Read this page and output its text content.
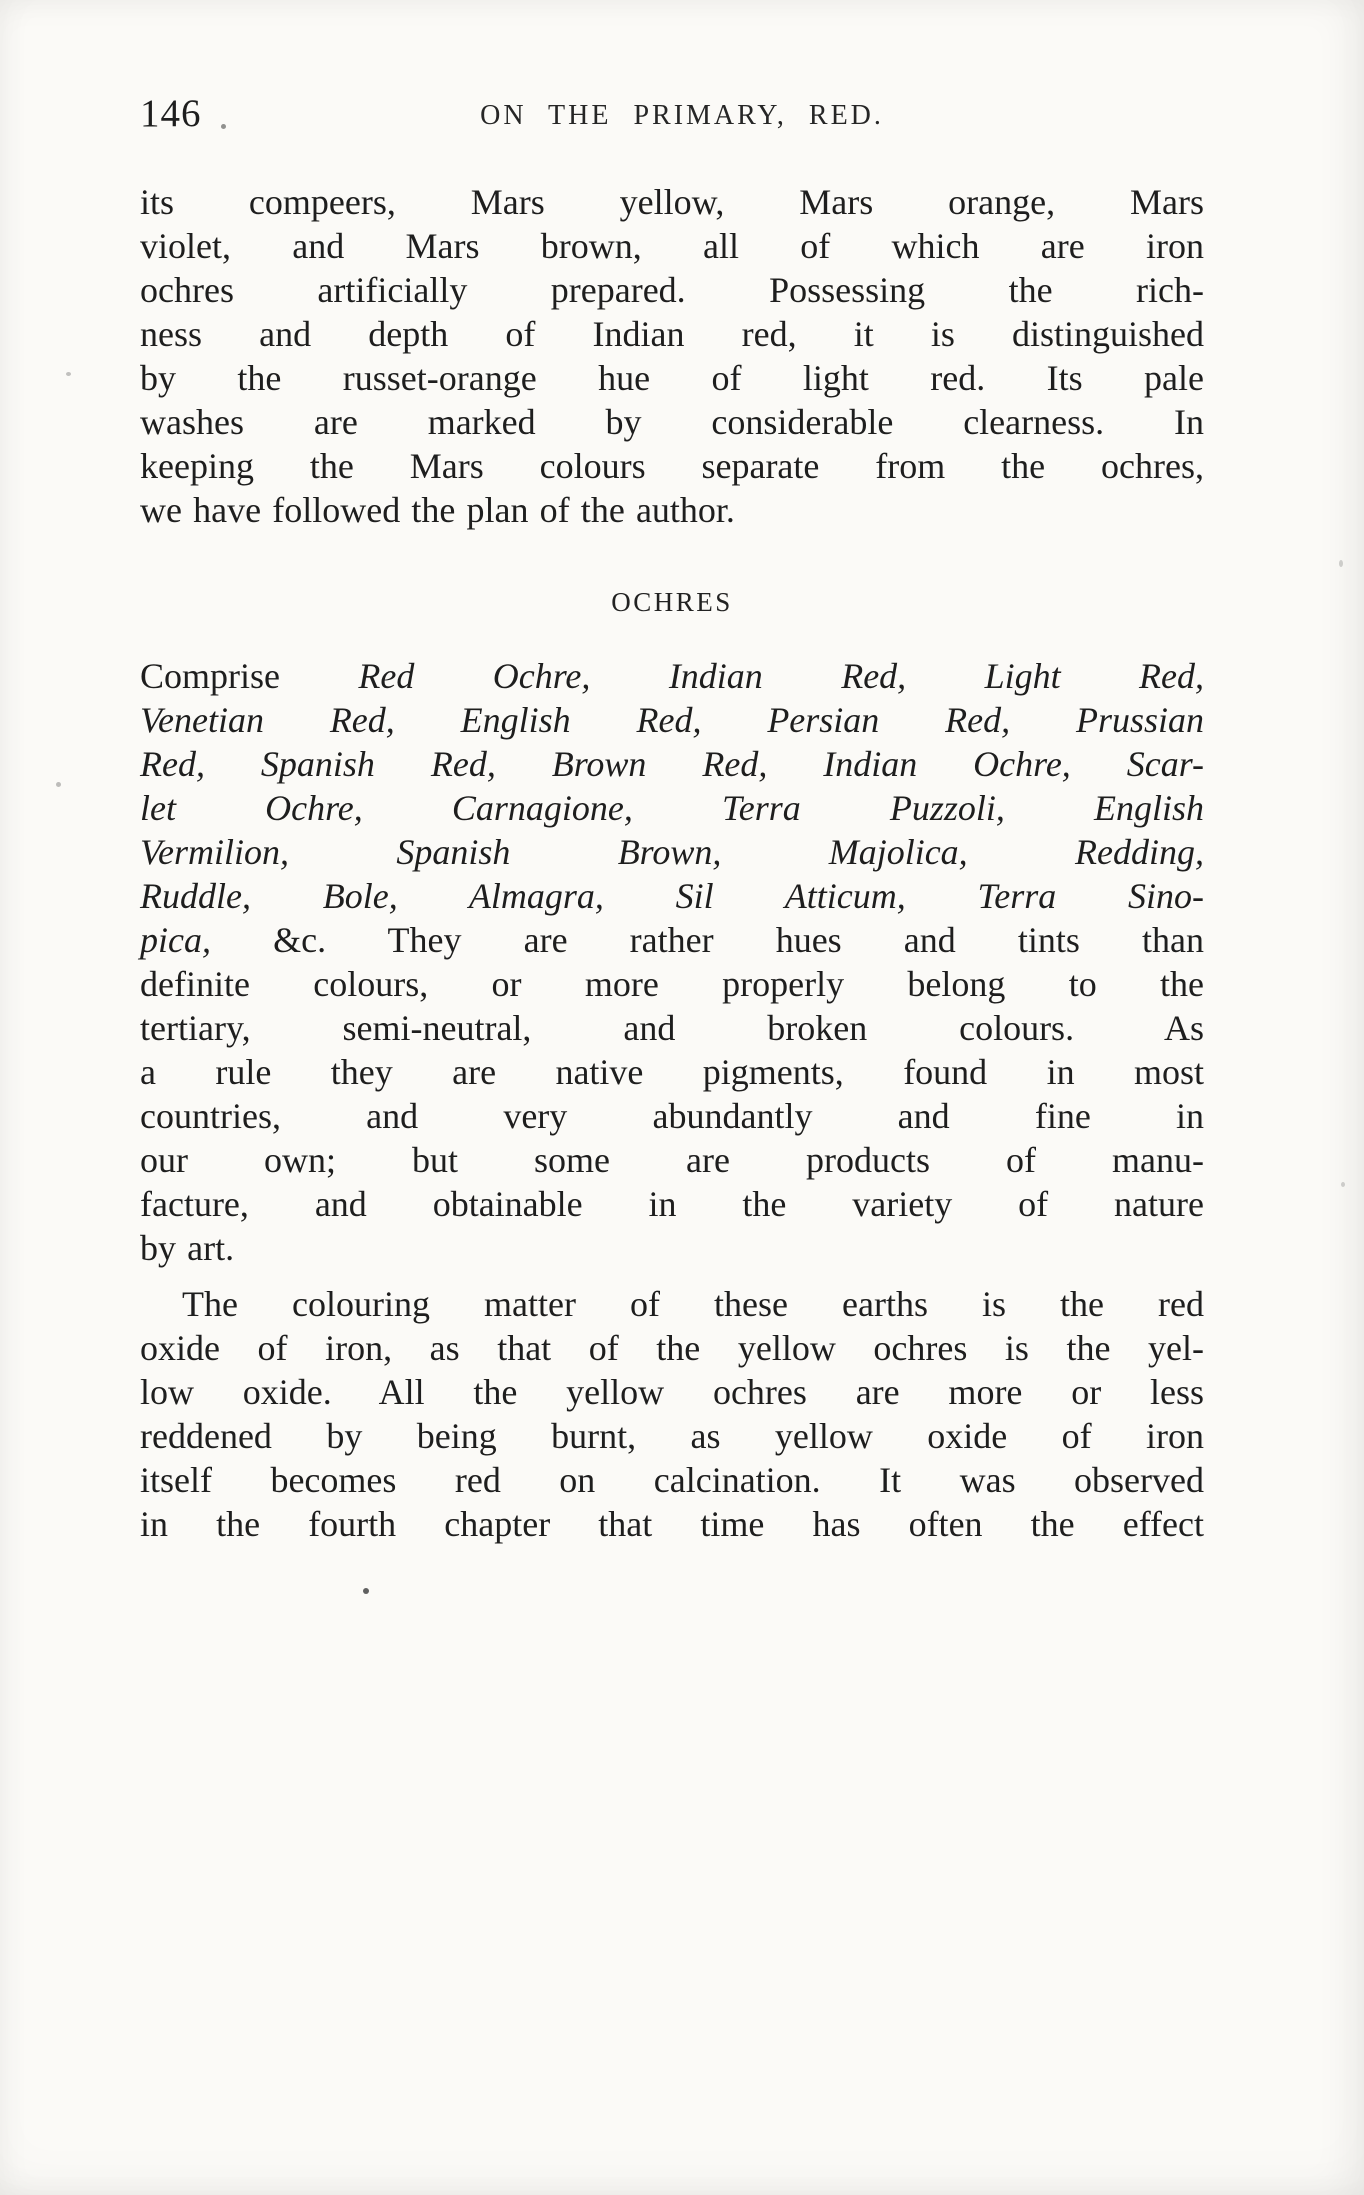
146	ON THE PRIMARY, RED.
its compeers, Mars yellow, Mars orange, Mars
violet, and Mars brown, all of which are iron
ochres artificially prepared. Possessing the rich-
ness and depth of Indian red, it is distinguished
by the russet-orange hue of light red. Its pale
washes are marked by considerable clearness. In
keeping the Mars colours separate from the ochres,
we have followed the plan of the author.
OCHRES
Comprise Red Ochre, Indian Red, Light Red,
Venetian Red, English Red, Persian Red, Prussian
Red, Spanish Red, Brown Red, Indian Ochre, Scar-
let Ochre, Carnagione, Terra Puzzoli, English
Vermilion, Spanish Brown, Majolica, Redding,
Ruddle, Bole, Almagra, Sil Atticum, Terra Sino-
pica, &c. They are rather hues and tints than
definite colours, or more properly belong to the
tertiary, semi-neutral, and broken colours. As
a rule they are native pigments, found in most
countries, and very abundantly and fine in
our own; but some are products of manu-
facture, and obtainable in the variety of nature
by art.
The colouring matter of these earths is the red
oxide of iron, as that of the yellow ochres is the yel-
low oxide. All the yellow ochres are more or less
reddened by being burnt, as yellow oxide of iron
itself becomes red on calcination. It was observed
in the fourth chapter that time has often the effect
